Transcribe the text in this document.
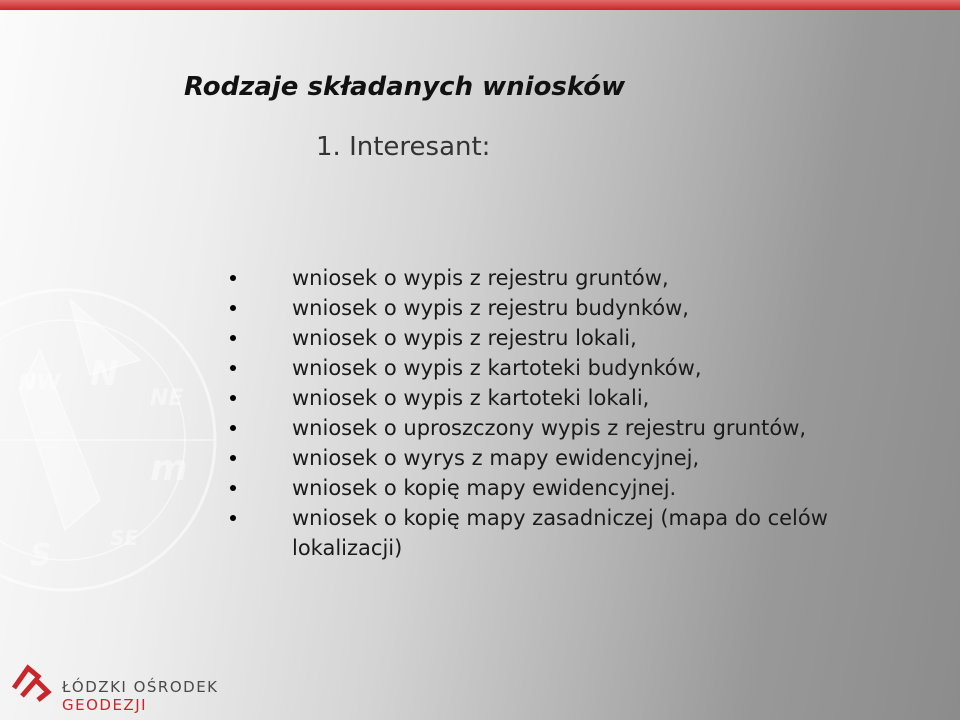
NW N
NE
m
S	SE
Rodzaje składanych wniosków
1. Interesant:
wniosek o wypis z rejestru gruntów,
wniosek o wypis z rejestru budynków,
wniosek o wypis z rejestru lokali,
wniosek o wypis z kartoteki budynków,
wniosek o wypis z kartoteki lokali,
wniosek o uproszczony wypis z rejestru gruntów,
wniosek o wyrys z mapy ewidencyjnej,
wniosek o kopię mapy ewidencyjnej.
wniosek o kopię mapy zasadniczej (mapa do celów lokalizacji)
ŁÓDZKI OŚRODEK
GEODEZJI
